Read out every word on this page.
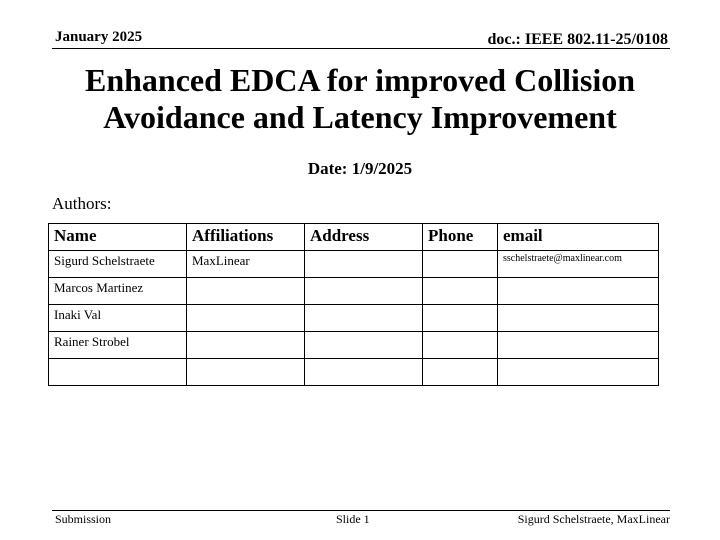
January 2025	doc.: IEEE 802.11-25/0108
Enhanced EDCA for improved Collision
Avoidance and Latency Improvement
Date: 1/9/2025
Authors:
Name	Affiliations	Address	Phone	email
Sigurd Schelstraete	MaxLinear			sschelstraete@maxlinear.com
Marcos Martinez				
Inaki Val				
Rainer Strobel				

Submission	Slide 1	Sigurd Schelstraete, MaxLinear
